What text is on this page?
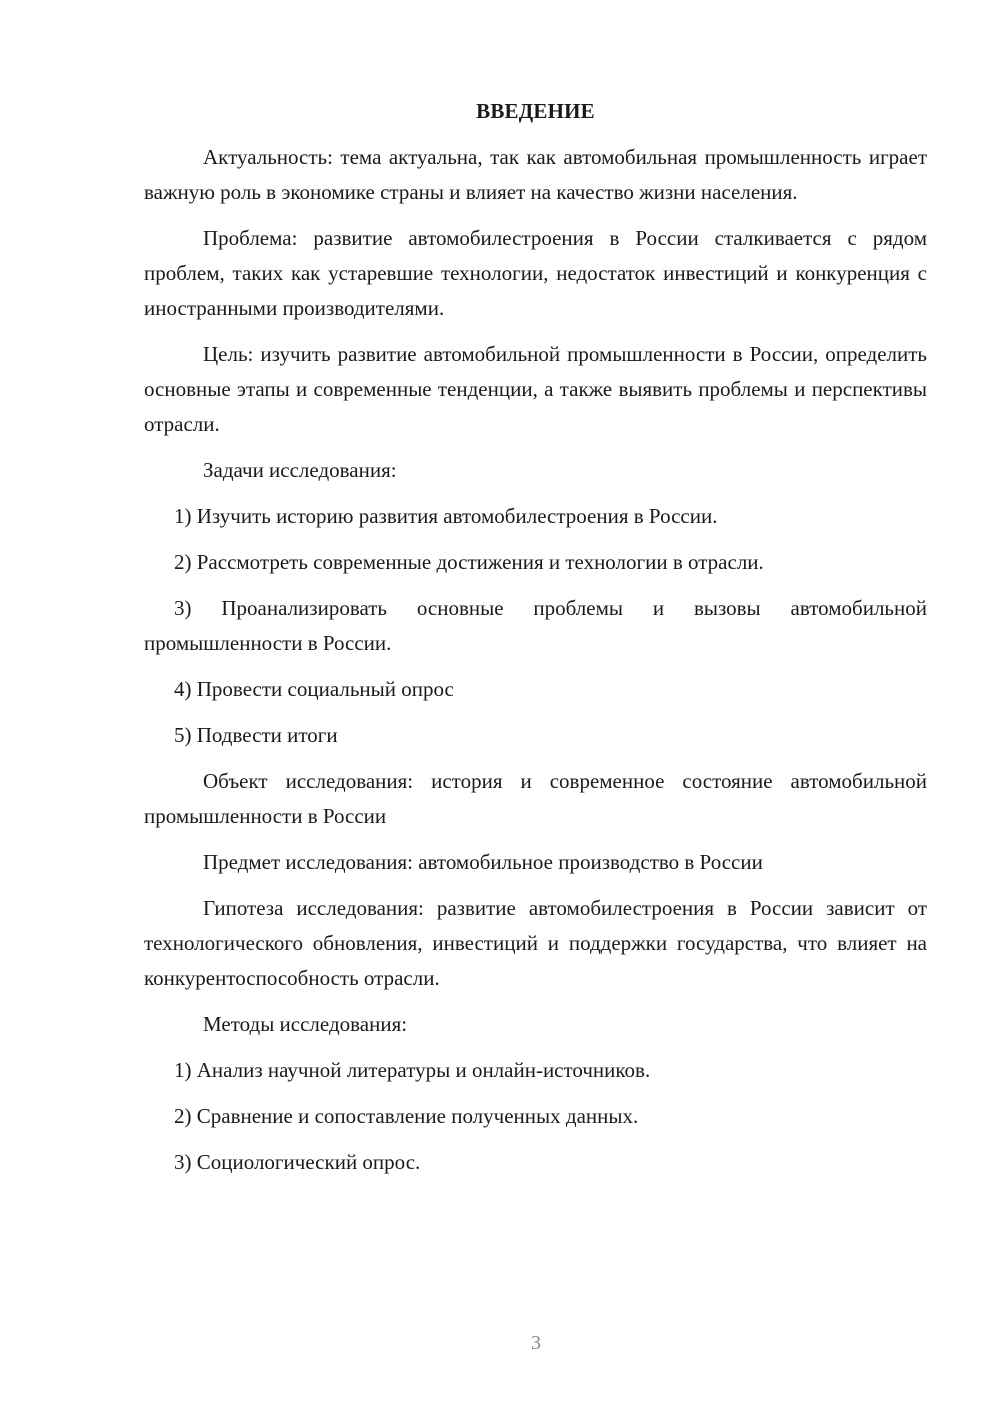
ВВЕДЕНИЕ

Актуальность: тема актуальна, так как автомобильная промышленность играет важную роль в экономике страны и влияет на качество жизни населения.

Проблема: развитие автомобилестроения в России сталкивается с рядом проблем, таких как устаревшие технологии, недостаток инвестиций и конкуренция с иностранными производителями.

Цель: изучить развитие автомобильной промышленности в России, определить основные этапы и современные тенденции, а также выявить проблемы и перспективы отрасли.

Задачи исследования:

1) Изучить историю развития автомобилестроения в России.

2) Рассмотреть современные достижения и технологии в отрасли.

3) Проанализировать основные проблемы и вызовы автомобильной промышленности в России.

4) Провести социальный опрос

5) Подвести итоги

Объект исследования: история и современное состояние автомобильной промышленности в России

Предмет исследования: автомобильное производство в России

Гипотеза исследования: развитие автомобилестроения в России зависит от технологического обновления, инвестиций и поддержки государства, что влияет на конкурентоспособность отрасли.

Методы исследования:

1) Анализ научной литературы и онлайн-источников.

2) Сравнение и сопоставление полученных данных.

3) Социологический опрос.

3
